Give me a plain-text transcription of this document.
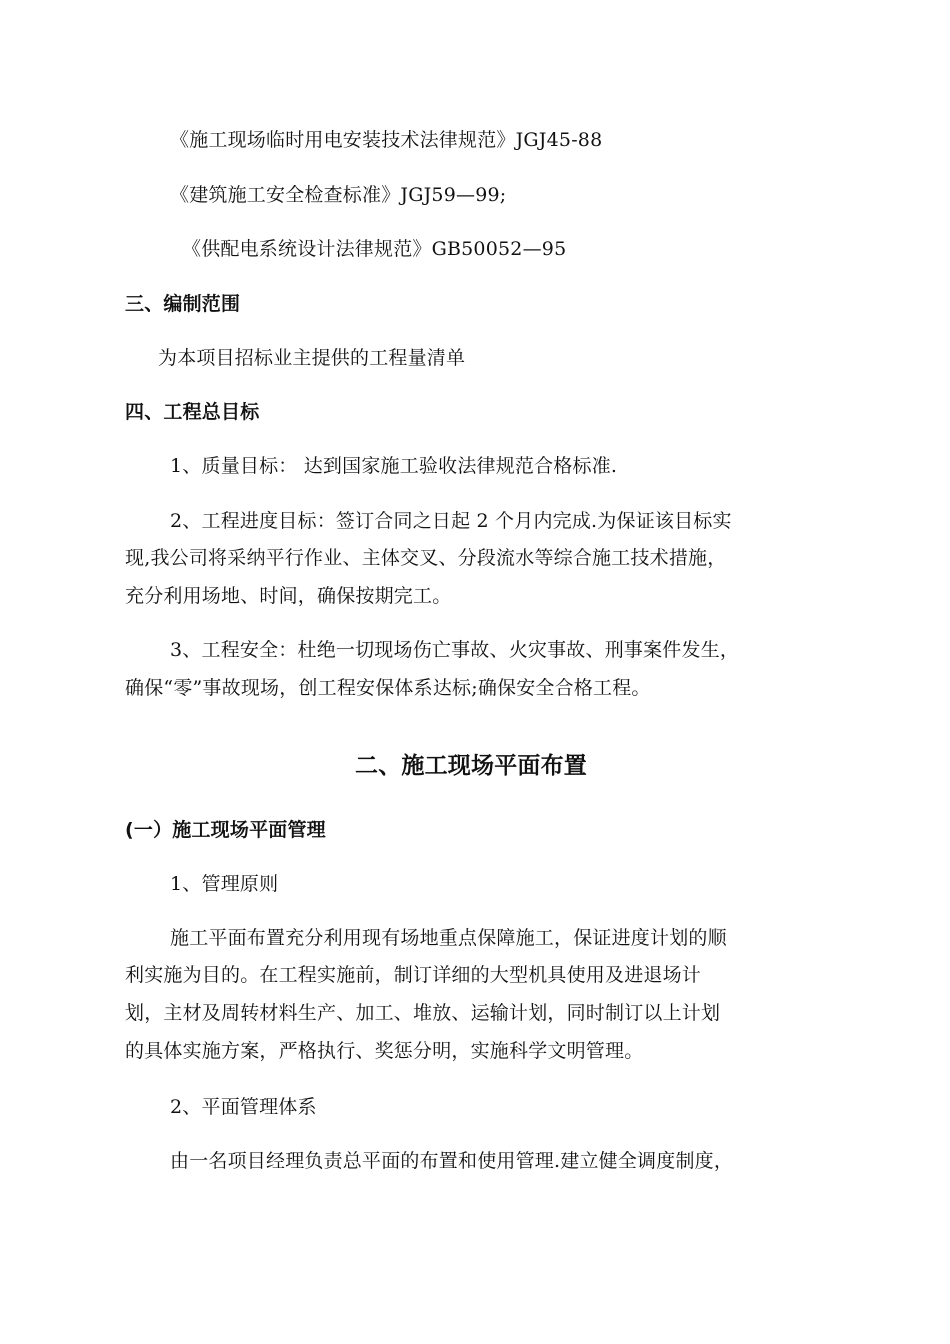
《施工现场临时用电安装技术法律规范》JGJ45-88
《建筑施工安全检查标准》JGJ59—99;
《供配电系统设计法律规范》GB50052—95
三、编制范围
为本项目招标业主提供的工程量清单
四、工程总目标
1、质量目标： 达到国家施工验收法律规范合格标准.
2、工程进度目标：签订合同之日起 2 个月内完成.为保证该目标实
现,我公司将采纳平行作业、主体交叉、分段流水等综合施工技术措施，
充分利用场地、时间，确保按期完工。
3、工程安全：杜绝一切现场伤亡事故、火灾事故、刑事案件发生，
确保“零”事故现场，创工程安保体系达标;确保安全合格工程。
二、施工现场平面布置
(一）施工现场平面管理
1、管理原则
施工平面布置充分利用现有场地重点保障施工，保证进度计划的顺
利实施为目的。在工程实施前，制订详细的大型机具使用及进退场计
划，主材及周转材料生产、加工、堆放、运输计划，同时制订以上计划
的具体实施方案，严格执行、奖惩分明，实施科学文明管理。
2、平面管理体系
由一名项目经理负责总平面的布置和使用管理.建立健全调度制度，
